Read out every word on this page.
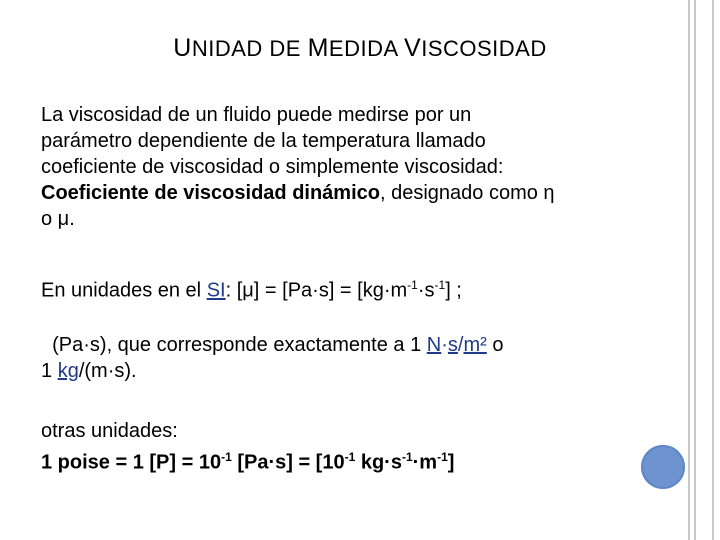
UNIDAD DE MEDIDA VISCOSIDAD
La viscosidad de un fluido puede medirse por un
parámetro dependiente de la temperatura llamado
coeficiente de viscosidad o simplemente viscosidad:
Coeficiente de viscosidad dinámico, designado como η
o μ.
En unidades en el SI: $[\mu] = [Pa\cdot s] = [kg\cdot m^{-1}\cdot s^{-1}]$ ;
(Pa·s), que corresponde exactamente a 1 N·s/m² o
1 kg/(m·s).
otras unidades:
1 poise = 1 $[P] = 10^{-1}$ $[Pa\cdot s] = [10^{-1}$ $kg\cdot s^{-1}\cdot m^{-1}$]
